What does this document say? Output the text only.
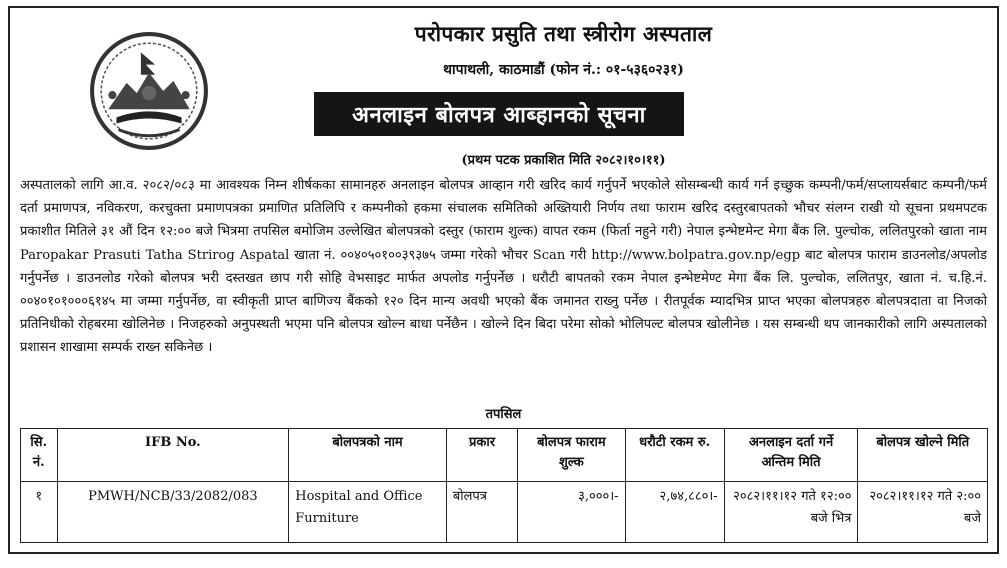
परोपकार प्रसुति तथा स्त्रीरोग अस्पताल
थापाथली, काठमाडौं (फोन नं.: ०१-५३६०२३१)
अनलाइन बोलपत्र आब्हानको सूचना
(प्रथम पटक प्रकाशित मिति २०८२।१०।११)
अस्पतालको लागि आ.व. २०८२/०८३ मा आवश्यक निम्न शीर्षकका सामानहरु अनलाइन बोलपत्र आव्हान गरी खरिद कार्य गर्नुपर्ने भएकोले सोसम्बन्धी कार्य गर्न इच्छुक कम्पनी/फर्म/सप्लायर्सबाट कम्पनी/फर्म दर्ता प्रमाणपत्र, नविकरण, करचुक्ता प्रमाणपत्रका प्रमाणित प्रतिलिपि र कम्पनीको हकमा संचालक समितिको अख्तियारी निर्णय तथा फाराम खरिद दस्तुरबापतको भौचर संलग्न राखी यो सूचना प्रथमपटक प्रकाशीत मितिले ३१ औं दिन १२:०० बजे भित्रमा तपसिल बमोजिम उल्लेखित बोलपत्रको दस्तुर (फाराम शुल्क) वापत रकम (फिर्ता नहुने गरी) नेपाल इन्भेष्टमेन्ट मेगा बैंक लि. पुल्चोक, ललितपुरको खाता नाम Paropakar Prasuti Tatha Strirog Aspatal खाता नं. ००४०५०१००३९३७५ जम्मा गरेको भौचर Scan गरी http://www.bolpatra.gov.np/egp बाट बोलपत्र फाराम डाउनलोड/अपलोड गर्नुपर्नेछ । डाउनलोड गरेको बोलपत्र भरी दस्तखत छाप गरी सोहि वेभसाइट मार्फत अपलोड गर्नुपर्नेछ । धरौटी बापतको रकम नेपाल इन्भेष्टमेण्ट मेगा बैंक लि. पुल्चोक, ललितपुर, खाता नं. च.हि.नं. ००४०१०१०००६१४५ मा जम्मा गर्नुपर्नेछ, वा स्वीकृती प्राप्त बाणिज्य बैंकको १२० दिन मान्य अवधी भएको बैंक जमानत राख्नु पर्नेछ । रीतपूर्वक म्यादभित्र प्राप्त भएका बोलपत्रहरु बोलपत्रदाता वा निजको प्रतिनिधीको रोहबरमा खोलिनेछ । निजहरुको अनुपस्थती भएमा पनि बोलपत्र खोल्न बाधा पर्नेछैन । खोल्ने दिन बिदा परेमा सोको भोलिपल्ट बोलपत्र खोलीनेछ । यस सम्बन्धी थप जानकारीको लागि अस्पतालको प्रशासन शाखामा सम्पर्क राख्न सकिनेछ ।
तपसिल
सि. नं.	IFB No.	बोलपत्रको नाम	प्रकार	बोलपत्र फाराम शुल्क	धरौटी रकम रु.	अनलाइन दर्ता गर्ने अन्तिम मिति	बोलपत्र खोल्ने मिति
१	PMWH/NCB/33/2082/083	Hospital and Office Furniture	बोलपत्र	३,०००।-	२,७४,८८०।-	२०८२।११।१२ गते १२:०० बजे भित्र	२०८२।११।१२ गते २:०० बजे
